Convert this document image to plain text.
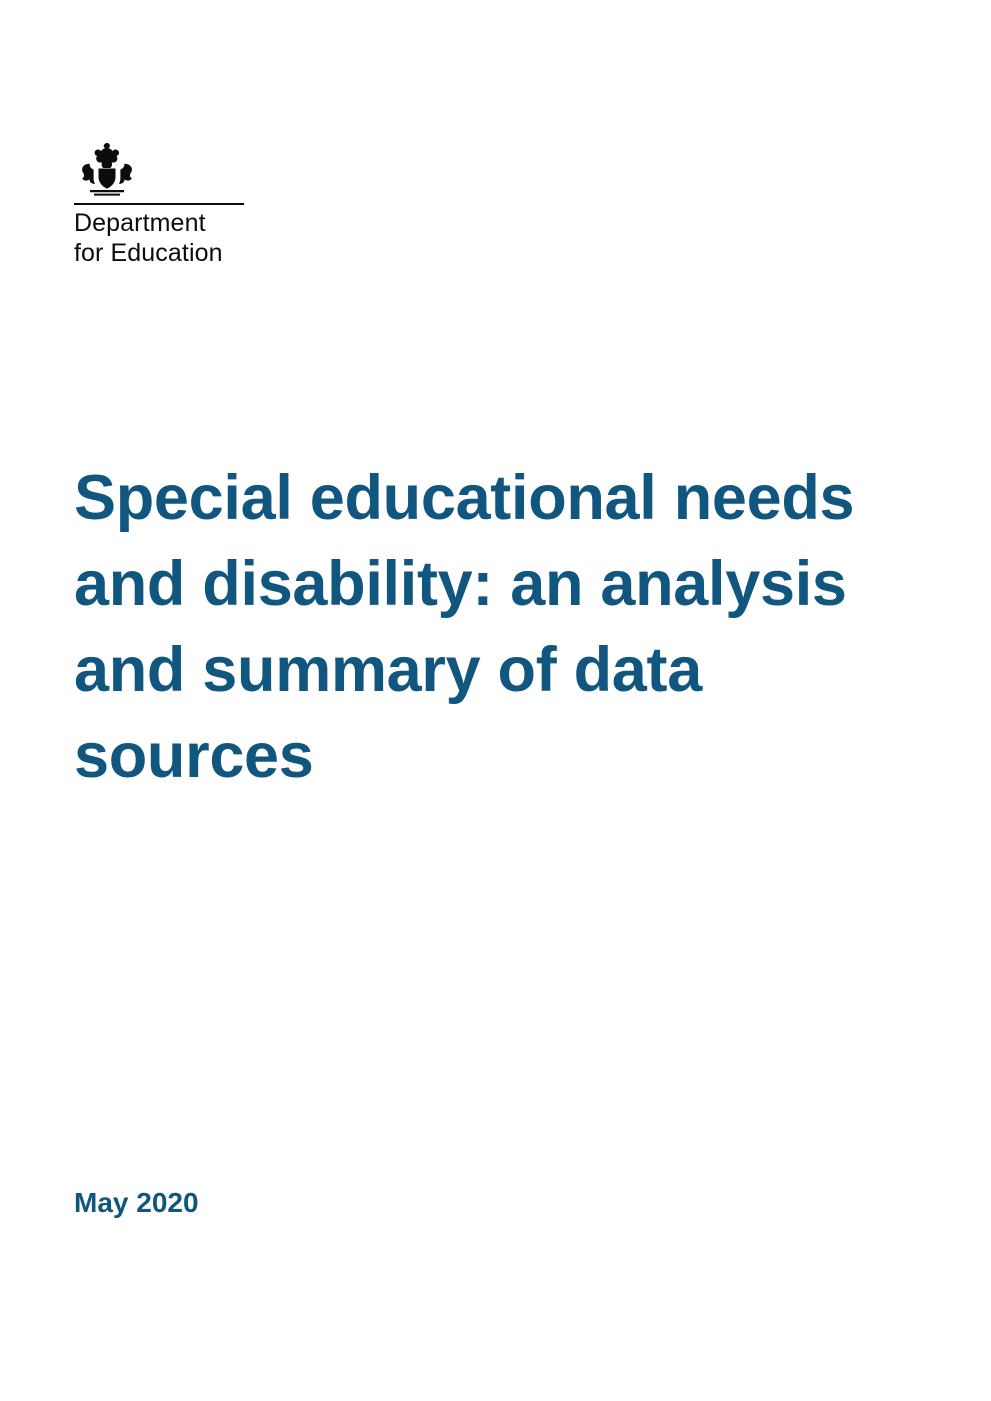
Department
for Education
Special educational needs and disability: an analysis and summary of data sources

May 2020
